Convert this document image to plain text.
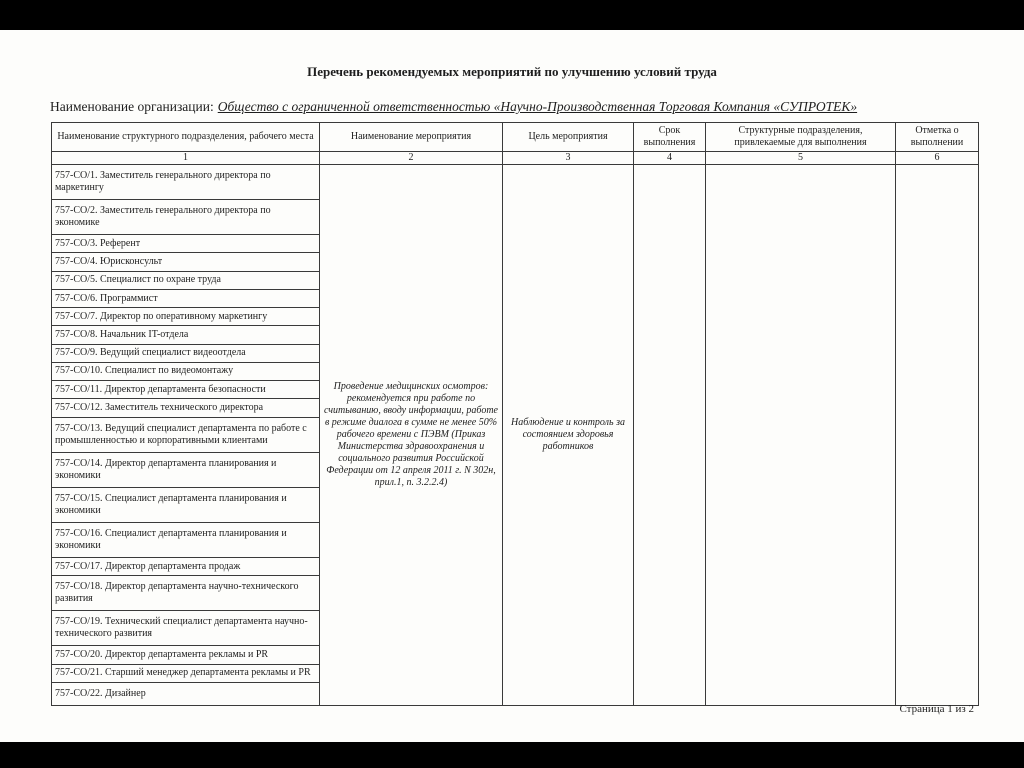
Перечень рекомендуемых мероприятий по улучшению условий труда
Наименование организации: Общество с ограниченной ответственностью «Научно-Производственная Торговая Компания «СУПРОТЕК»
Наименование структурного подразделения, рабочего места	Наименование мероприятия	Цель мероприятия	Срок выполнения	Структурные подразделения, привлекаемые для выполнения	Отметка о выполнении
1	2	3	4	5	6
757-СО/1. Заместитель генерального директора по маркетингу	Проведение медицинских осмотров: рекомендуется при работе по считыванию, вводу информации, работе в режиме диалога в сумме не менее 50% рабочего времени с ПЭВМ (Приказ Министерства здравоохранения и социального развития Российской Федерации от 12 апреля 2011 г. N 302н, прил.1, п. 3.2.2.4)	Наблюдение и контроль за состоянием здоровья работников			
757-СО/2. Заместитель генерального директора по экономике					
757-СО/3. Референт					
757-СО/4. Юрисконсульт					
757-СО/5. Специалист по охране труда					
757-СО/6. Программист					
757-СО/7. Директор по оперативному маркетингу					
757-СО/8. Начальник IT-отдела					
757-СО/9. Ведущий специалист видеоотдела					
757-СО/10. Специалист по видеомонтажу					
757-СО/11. Директор департамента безопасности					
757-СО/12. Заместитель технического директора					
757-СО/13. Ведущий специалист департамента по работе с промышленностью и корпоративными клиентами					
757-СО/14. Директор департамента планирования и экономики					
757-СО/15. Специалист департамента планирования и экономики					
757-СО/16. Специалист департамента планирования и экономики					
757-СО/17. Директор департамента продаж					
757-СО/18. Директор департамента научно-технического развития					
757-СО/19. Технический специалист департамента научно-технического развития					
757-СО/20. Директор департамента рекламы и PR					
757-СО/21. Старший менеджер департамента рекламы и PR					
757-СО/22. Дизайнер					
Страница 1 из 2
